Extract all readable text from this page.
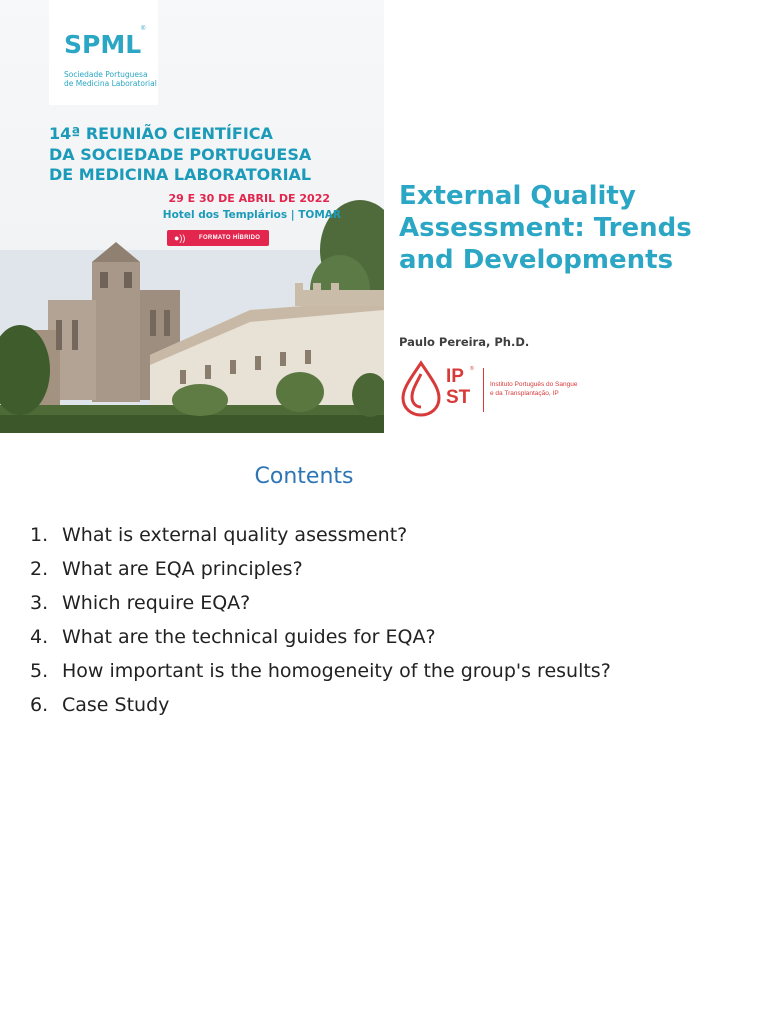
SPML
®
Sociedade Portuguesa
de Medicina Laboratorial
14ª REUNIÃO CIENTÍFICA
DA SOCIEDADE PORTUGUESA
DE MEDICINA LABORATORIAL
29 E 30 DE ABRIL DE 2022
Hotel dos Templários | TOMAR
●)) FORMATO HÍBRIDO
External Quality
Assessment: Trends
and Developments
Paulo Pereira, Ph.D.
IP
ST
®
Instituto Português do Sangue
e da Transplantação, IP
Contents
1. What is external quality asessment?
2. What are EQA principles?
3. Which require EQA?
4. What are the technical guides for EQA?
5. How important is the homogeneity of the group's results?
6. Case Study
